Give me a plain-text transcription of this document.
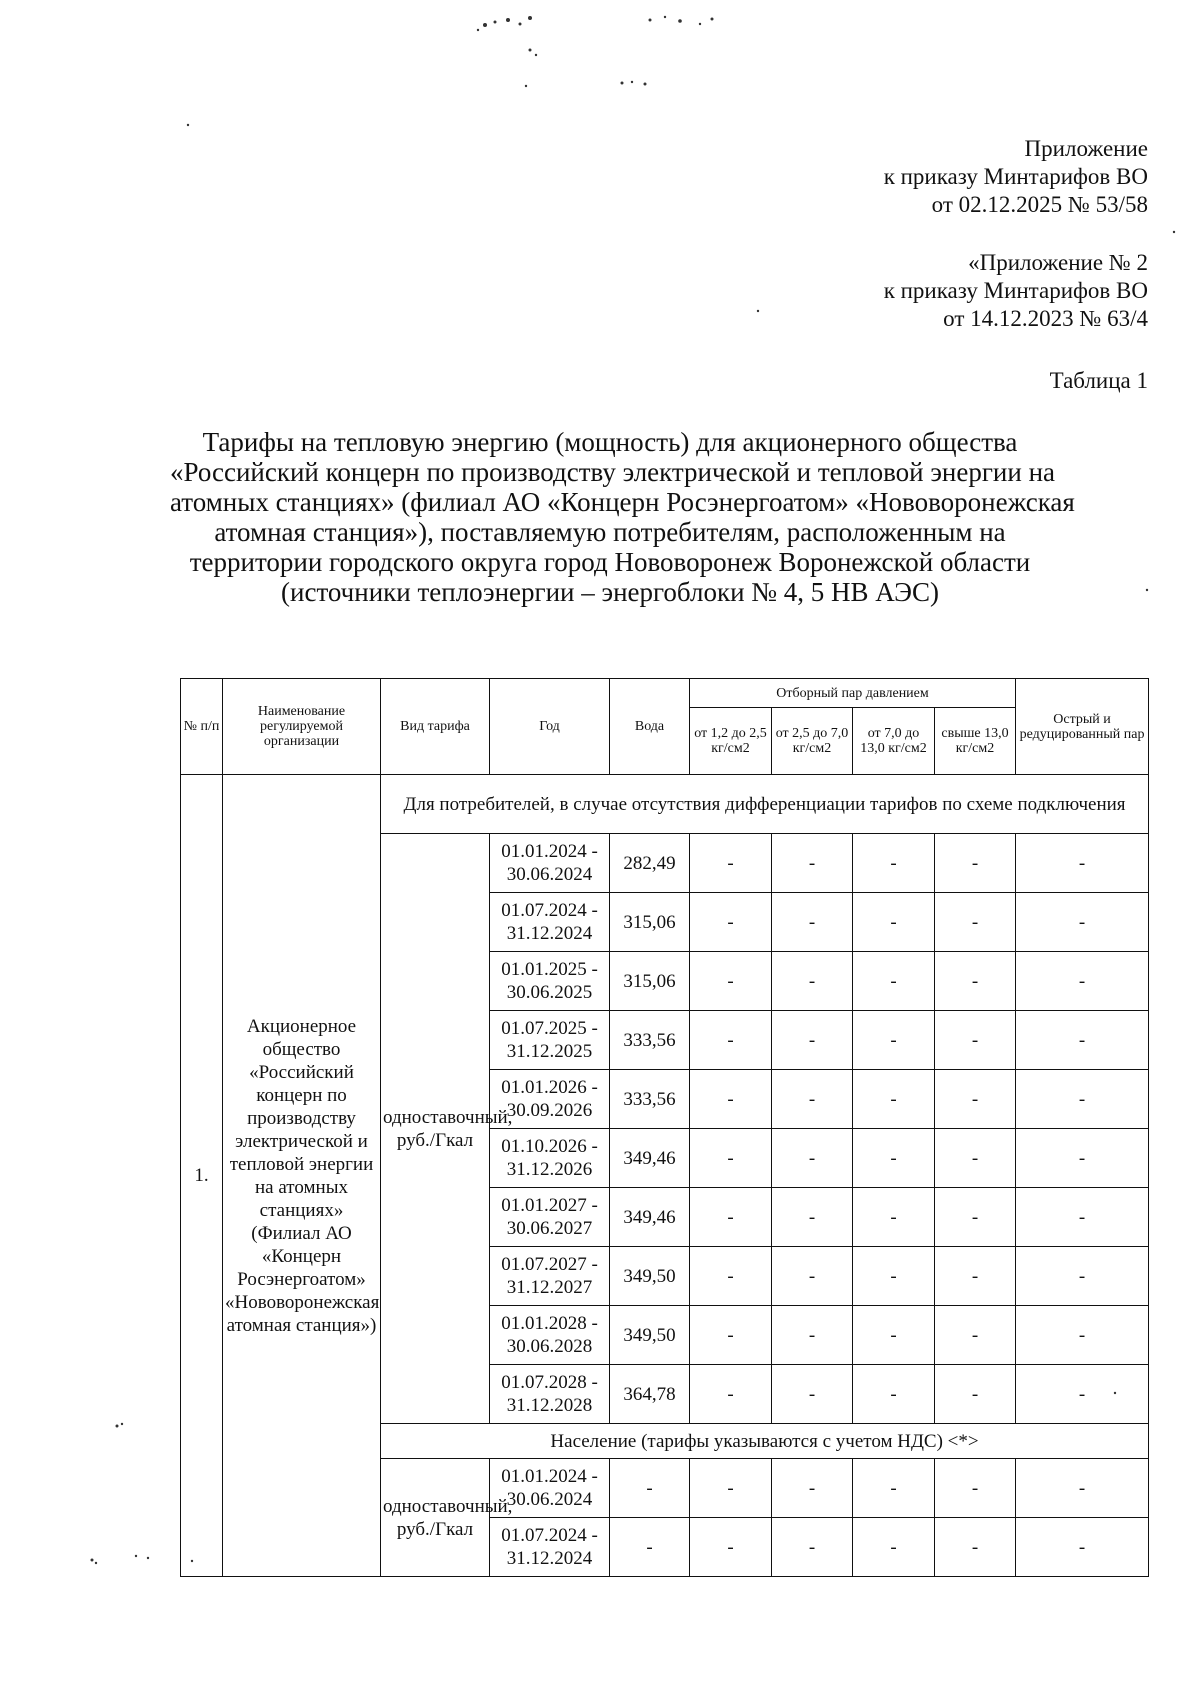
Приложение
к приказу Минтарифов ВО
от 02.12.2025 № 53/58
«Приложение № 2
к приказу Минтарифов ВО
от 14.12.2023 № 63/4
Таблица 1
Тарифы на тепловую энергию (мощность) для акционерного общества
«Российский концерн по производству электрической и тепловой энергии на
атомных станциях» (филиал АО «Концерн Росэнергоатом» «Нововоронежская
атомная станция»), поставляемую потребителям, расположенным на
территории городского округа город Нововоронеж Воронежской области
(источники теплоэнергии – энергоблоки № 4, 5 НВ АЭС)
№ п/п	Наименование регулируемой организации	Вид тарифа	Год	Вода	Отборный пар давлением				Острый и редуцированный пар
					от 1,2 до 2,5 кг/см2	от 2,5 до 7,0 кг/см2	от 7,0 до 13,0 кг/см2	свыше 13,0 кг/см2	
1.	Акционерное общество «Российский концерн по производству электрической и тепловой энергии на атомных станциях» (Филиал АО «Концерн Росэнергоатом» «Нововоронежская атомная станция»)	Для потребителей, в случае отсутствия дифференциации тарифов по схеме подключения							
		одноставочный, руб./Гкал	01.01.2024 - 30.06.2024	282,49	-	-	-	-	-
			01.07.2024 - 31.12.2024	315,06	-	-	-	-	-
			01.01.2025 - 30.06.2025	315,06	-	-	-	-	-
			01.07.2025 - 31.12.2025	333,56	-	-	-	-	-
			01.01.2026 - 30.09.2026	333,56	-	-	-	-	-
			01.10.2026 - 31.12.2026	349,46	-	-	-	-	-
			01.01.2027 - 30.06.2027	349,46	-	-	-	-	-
			01.07.2027 - 31.12.2027	349,50	-	-	-	-	-
			01.01.2028 - 30.06.2028	349,50	-	-	-	-	-
			01.07.2028 - 31.12.2028	364,78	-	-	-	-	-
		Население (тарифы указываются с учетом НДС) <*>							
		одноставочный, руб./Гкал	01.01.2024 - 30.06.2024	-	-	-	-	-	-
			01.07.2024 - 31.12.2024	-	-	-	-	-	-
